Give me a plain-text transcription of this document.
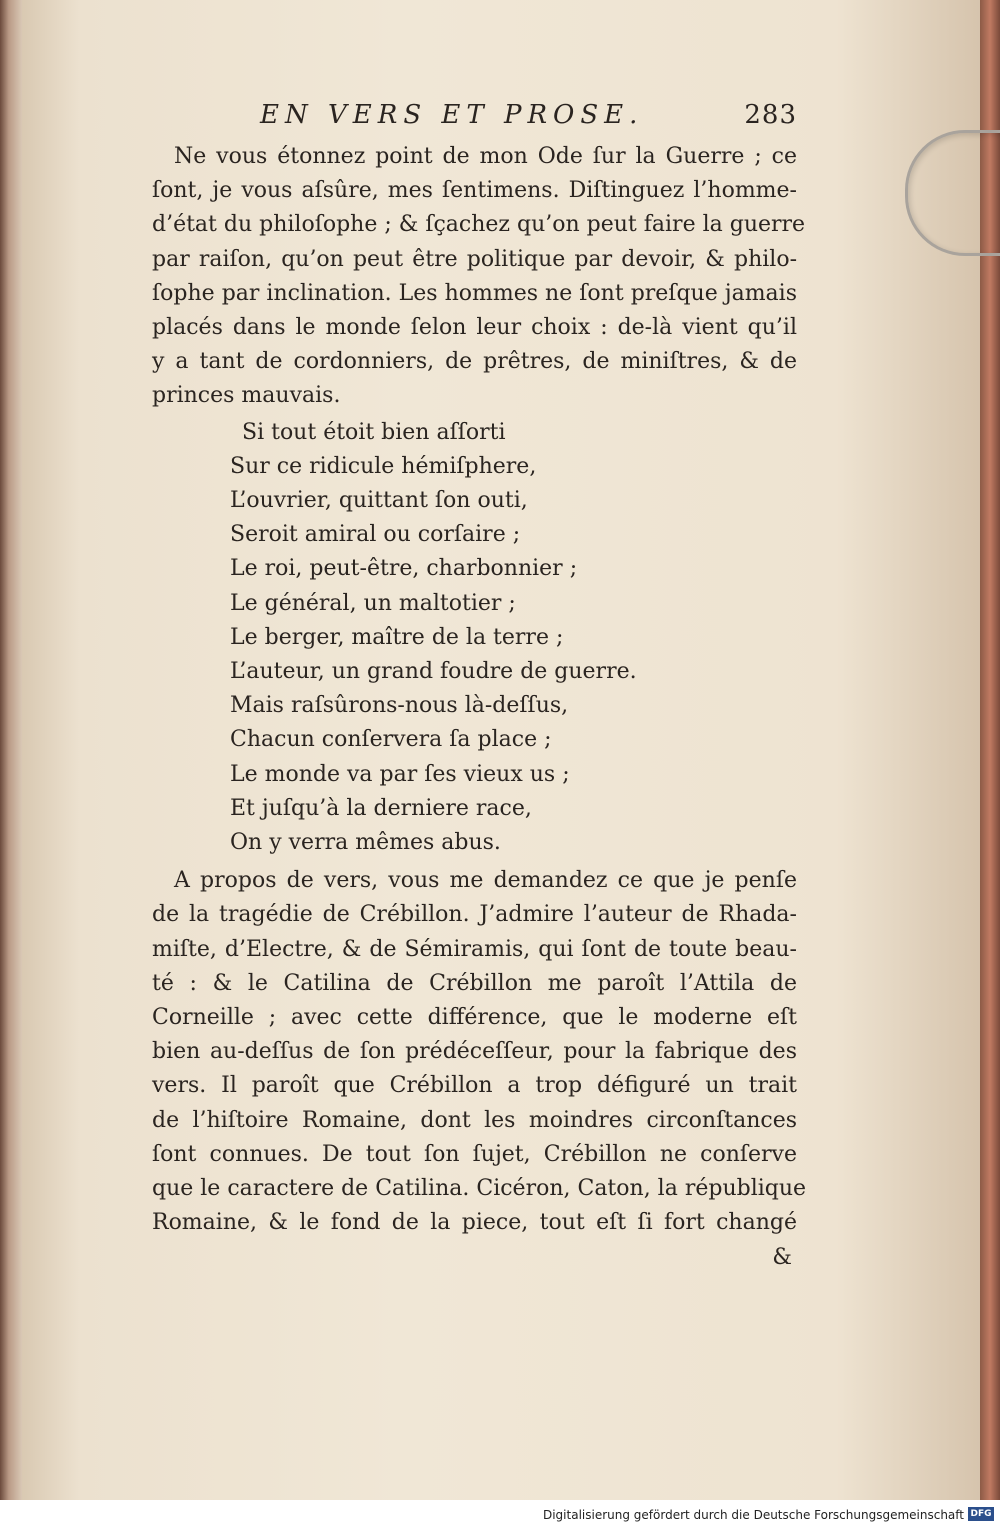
EN VERS ET PROSE.	283

Ne vous étonnez point de mon Ode ſur la Guerre ; ce
ſont, je vous aſsûre, mes ſentimens. Diſtinguez l’homme-
d’état du philoſophe ; & ſçachez qu’on peut faire la guerre
par raiſon, qu’on peut être politique par devoir, & philo-
ſophe par inclination. Les hommes ne ſont preſque jamais
placés dans le monde ſelon leur choix : de-là vient qu’il
y a tant de cordonniers, de prêtres, de miniſtres, & de
princes mauvais.

Si tout étoit bien aſſorti
Sur ce ridicule hémiſphere,
L’ouvrier, quittant ſon outi,
Seroit amiral ou corſaire ;
Le roi, peut-être, charbonnier ;
Le général, un maltotier ;
Le berger, maître de la terre ;
L’auteur, un grand foudre de guerre.
Mais raſsûrons-nous là-deſſus,
Chacun conſervera ſa place ;
Le monde va par ſes vieux us ;
Et juſqu’à la derniere race,
On y verra mêmes abus.

A propos de vers, vous me demandez ce que je penſe
de la tragédie de Crébillon. J’admire l’auteur de Rhada-
miſte, d’Electre, & de Sémiramis, qui ſont de toute beau-
té : & le Catilina de Crébillon me paroît l’Attila de
Corneille ; avec cette différence, que le moderne eſt
bien au-deſſus de ſon prédéceſſeur, pour la fabrique des
vers. Il paroît que Crébillon a trop défiguré un trait
de l’hiſtoire Romaine, dont les moindres circonſtances
ſont connues. De tout ſon ſujet, Crébillon ne conſerve
que le caractere de Catilina. Cicéron, Caton, la république
Romaine, & le fond de la piece, tout eſt ſi fort changé

&
Digitalisierung gefördert durch die Deutsche Forschungsgemeinschaft DFG
